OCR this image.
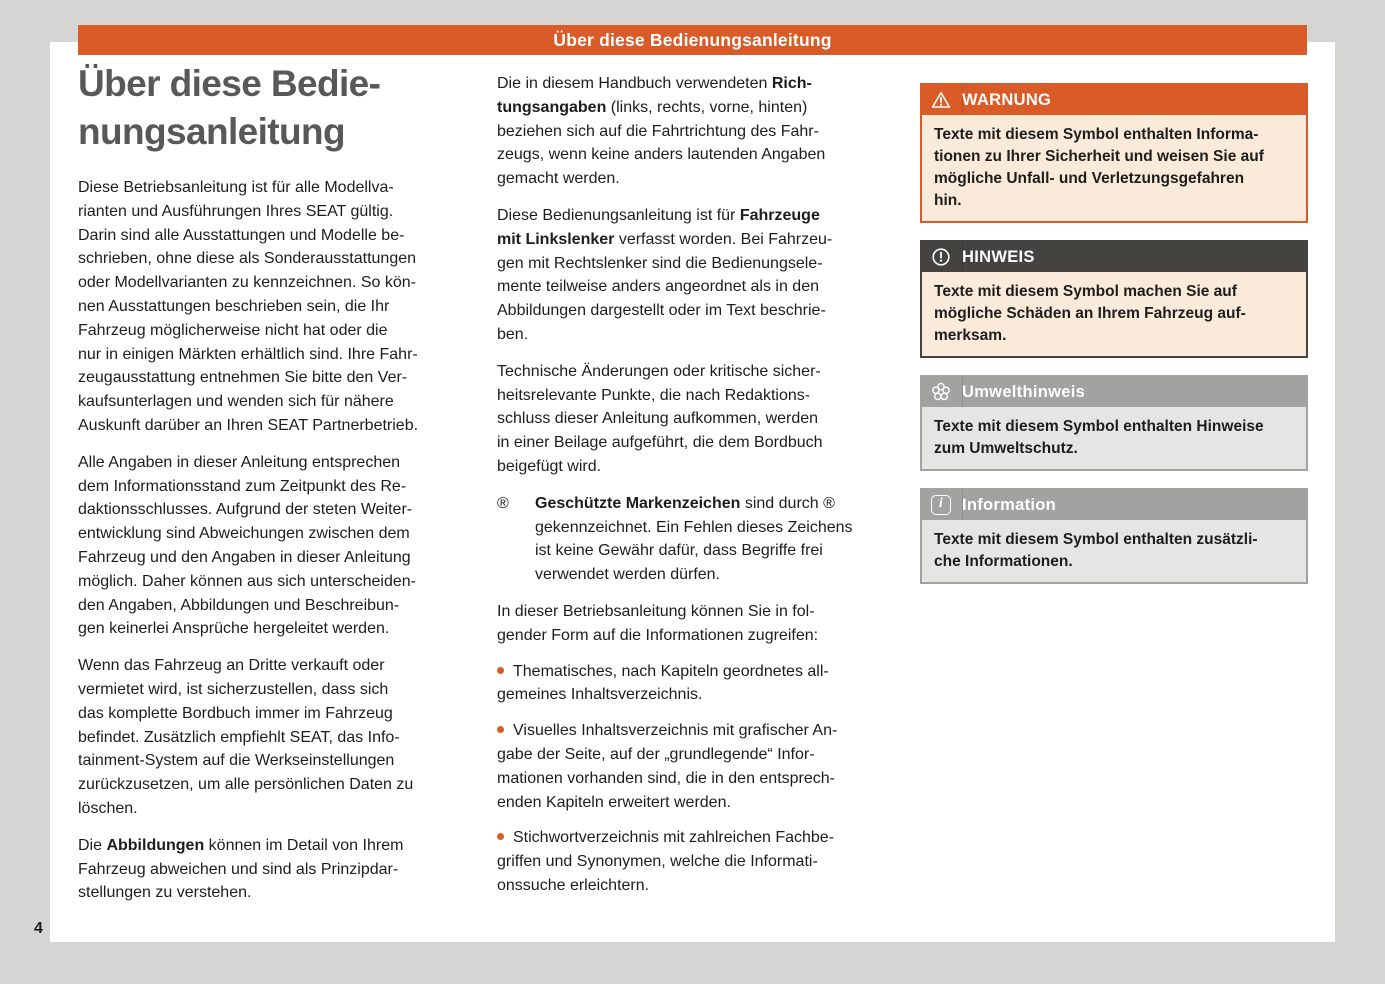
Über diese Bedienungsanleitung
Über diese Bedie-
nungsanleitung

Diese Betriebsanleitung ist für alle Modellva-
rianten und Ausführungen Ihres SEAT gültig.
Darin sind alle Ausstattungen und Modelle be-
schrieben, ohne diese als Sonderausstattungen
oder Modellvarianten zu kennzeichnen. So kön-
nen Ausstattungen beschrieben sein, die Ihr
Fahrzeug möglicherweise nicht hat oder die
nur in einigen Märkten erhältlich sind. Ihre Fahr-
zeugausstattung entnehmen Sie bitte den Ver-
kaufsunterlagen und wenden sich für nähere
Auskunft darüber an Ihren SEAT Partnerbetrieb.

Alle Angaben in dieser Anleitung entsprechen
dem Informationsstand zum Zeitpunkt des Re-
daktionsschlusses. Aufgrund der steten Weiter-
entwicklung sind Abweichungen zwischen dem
Fahrzeug und den Angaben in dieser Anleitung
möglich. Daher können aus sich unterscheiden-
den Angaben, Abbildungen und Beschreibun-
gen keinerlei Ansprüche hergeleitet werden.

Wenn das Fahrzeug an Dritte verkauft oder
vermietet wird, ist sicherzustellen, dass sich
das komplette Bordbuch immer im Fahrzeug
befindet. Zusätzlich empfiehlt SEAT, das Info-
tainment-System auf die Werkseinstellungen
zurückzusetzen, um alle persönlichen Daten zu
löschen.

Die Abbildungen können im Detail von Ihrem
Fahrzeug abweichen und sind als Prinzipdar-
stellungen zu verstehen.

Die in diesem Handbuch verwendeten Rich-
tungsangaben (links, rechts, vorne, hinten)
beziehen sich auf die Fahrtrichtung des Fahr-
zeugs, wenn keine anders lautenden Angaben
gemacht werden.

Diese Bedienungsanleitung ist für Fahrzeuge
mit Linkslenker verfasst worden. Bei Fahrzeu-
gen mit Rechtslenker sind die Bedienungsele-
mente teilweise anders angeordnet als in den
Abbildungen dargestellt oder im Text beschrie-
ben.

Technische Änderungen oder kritische sicher-
heitsrelevante Punkte, die nach Redaktions-
schluss dieser Anleitung aufkommen, werden
in einer Beilage aufgeführt, die dem Bordbuch
beigefügt wird.

®	Geschützte Markenzeichen sind durch ®
gekennzeichnet. Ein Fehlen dieses Zeichens
ist keine Gewähr dafür, dass Begriffe frei
verwendet werden dürfen.

In dieser Betriebsanleitung können Sie in fol-
gender Form auf die Informationen zugreifen:

Thematisches, nach Kapiteln geordnetes all-
gemeines Inhaltsverzeichnis.

Visuelles Inhaltsverzeichnis mit grafischer An-
gabe der Seite, auf der „grundlegende“ Infor-
mationen vorhanden sind, die in den entsprech-
enden Kapiteln erweitert werden.

Stichwortverzeichnis mit zahlreichen Fachbe-
griffen und Synonymen, welche die Informati-
onssuche erleichtern.

WARNUNG
Texte mit diesem Symbol enthalten Informa-
tionen zu Ihrer Sicherheit und weisen Sie auf
mögliche Unfall- und Verletzungsgefahren
hin.
HINWEIS
Texte mit diesem Symbol machen Sie auf
mögliche Schäden an Ihrem Fahrzeug auf-
merksam.
Umwelthinweis
Texte mit diesem Symbol enthalten Hinweise
zum Umweltschutz.
i	Information
Texte mit diesem Symbol enthalten zusätzli-
che Informationen.
4
